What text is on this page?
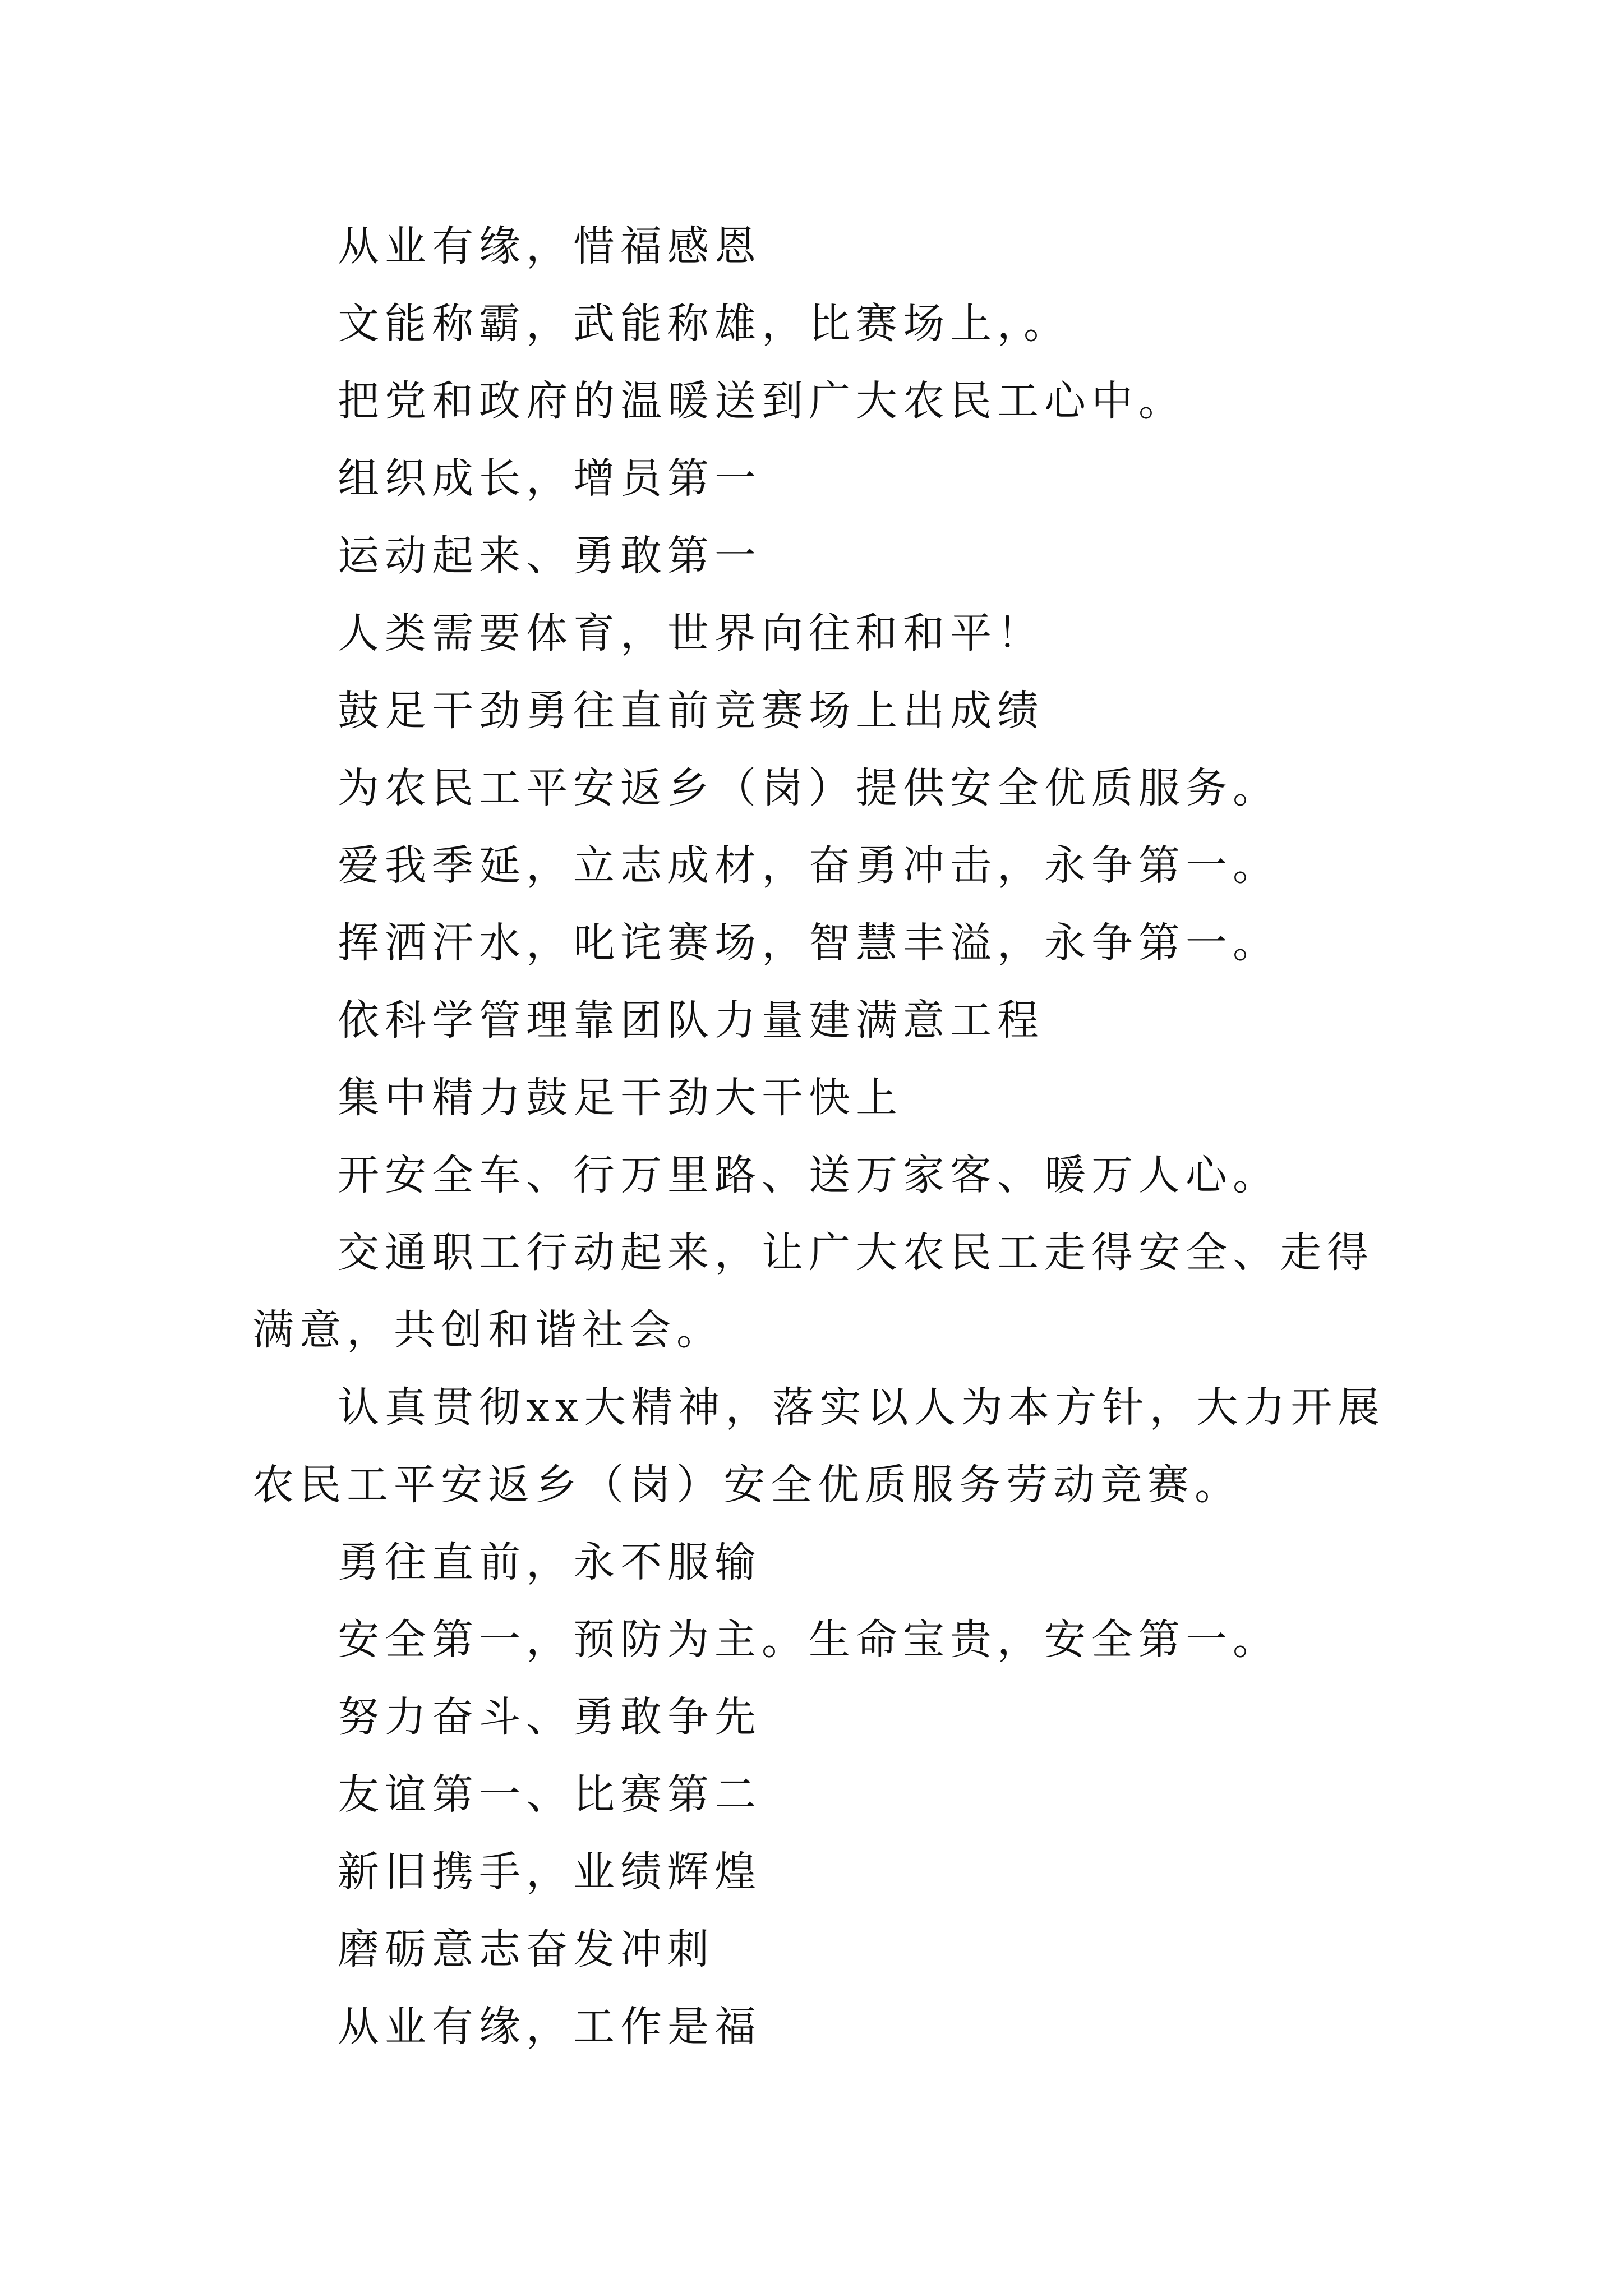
从业有缘，惜福感恩

文能称霸，武能称雄，比赛场上，。

把党和政府的温暖送到广大农民工心中。

组织成长，增员第一

运动起来、勇敢第一

人类需要体育，世界向往和和平！

鼓足干劲勇往直前竞赛场上出成绩

为农民工平安返乡（岗）提供安全优质服务。

爱我季延，立志成材，奋勇冲击，永争第一。

挥洒汗水，叱诧赛场，智慧丰溢，永争第一。

依科学管理靠团队力量建满意工程

集中精力鼓足干劲大干快上

开安全车、行万里路、送万家客、暖万人心。

交通职工行动起来，让广大农民工走得安全、走得满意，共创和谐社会。

认真贯彻xx大精神，落实以人为本方针，大力开展农民工平安返乡（岗）安全优质服务劳动竞赛。

勇往直前，永不服输

安全第一，预防为主。生命宝贵，安全第一。

努力奋斗、勇敢争先

友谊第一、比赛第二

新旧携手，业绩辉煌

磨砺意志奋发冲刺

从业有缘，工作是福
